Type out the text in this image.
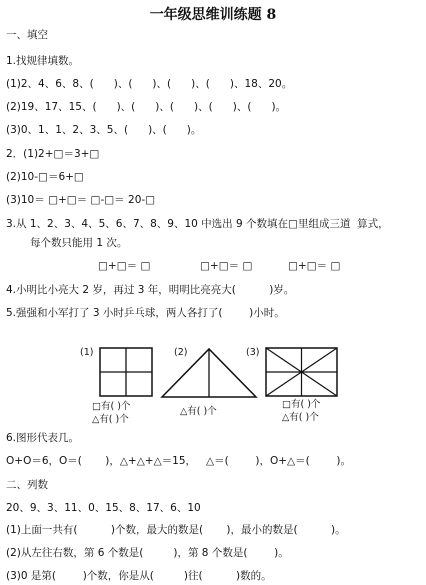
一年级思维训练题 8
一、填空
1.找规律填数。
(1)2、4、6、8、(      )、(      )、(      )、(      )、18、20。
(2)19、17、15、(      )、(      )、(      )、(      )、(      )。
(3)0、1、1、2、3、5、(      )、(      )。
2．(1)2+□＝3+□
(2)10-□＝6+□
(3)10＝ □+□＝ □-□＝ 20-□
3.从 1、2、3、4、5、6、7、8、9、10 中选出 9 个数填在□里组成三道  算式，
每个数只能用 1 次。
□+□＝ □	□+□＝ □	□+□＝ □
4.小明比小亮大 2 岁，再过 3 年，明明比亮亮大(          )岁。
5.强强和小军打了 3 小时乒乓球，两人各打了(        )小时。
(1)
□有( )个
△有( )个
(2)
△有( )个
(3)
□有( )个
△有( )个
6.图形代表几。
O+O＝6，O＝(       )，△+△+△＝15，   △＝(        )，O+△＝(        )。
二、列数
20、9、3、11、0、15、8、17、6、10
(1)上面一共有(          )个数，最大的数是(       )，最小的数是(          )。
(2)从左往右数，第 6 个数是(         )，第 8 个数是(        )。
(3)0 是第(        )个数，你是从(         )往(          )数的。
